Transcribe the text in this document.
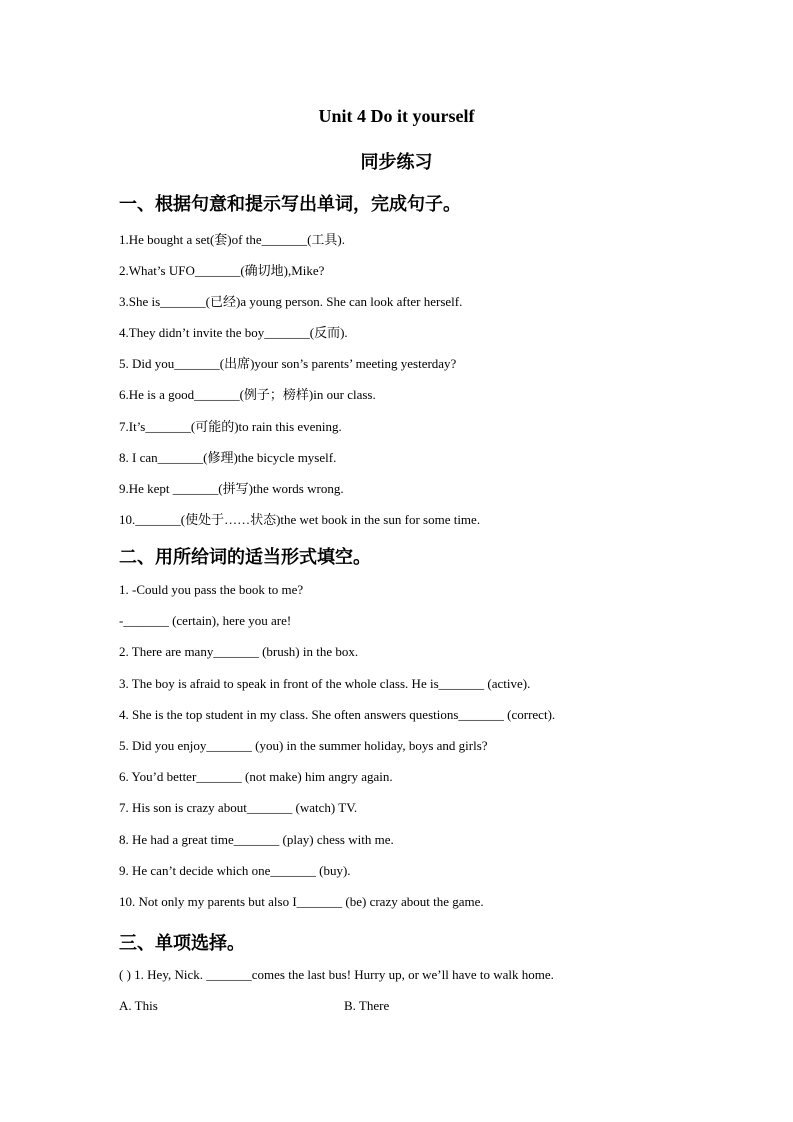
Unit 4 Do it yourself
同步练习
一、根据句意和提示写出单词，完成句子。
1.He bought a set(套)of the_______(工具).
2.What’s UFO_______(确切地),Mike?
3.She is_______(已经)a young person. She can look after herself.
4.They didn’t invite the boy_______(反而).
5. Did you_______(出席)your son’s parents’ meeting yesterday?
6.He is a good_______(例子；榜样)in our class.
7.It’s_______(可能的)to rain this evening.
8. I can_______(修理)the bicycle myself.
9.He kept _______(拼写)the words wrong.
10._______(使处于……状态)the wet book in the sun for some time.
二、用所给词的适当形式填空。
1. -Could you pass the book to me?
-_______ (certain), here you are!
2. There are many_______ (brush) in the box.
3. The boy is afraid to speak in front of the whole class. He is_______ (active).
4. She is the top student in my class. She often answers questions_______ (correct).
5. Did you enjoy_______ (you) in the summer holiday, boys and girls?
6. You’d better_______ (not make) him angry again.
7. His son is crazy about_______ (watch) TV.
8. He had a great time_______ (play) chess with me.
9. He can’t decide which one_______ (buy).
10. Not only my parents but also I_______ (be) crazy about the game.
三、单项选择。
( ) 1. Hey, Nick. _______comes the last bus! Hurry up, or we’ll have to walk home.
A. This	B. There
